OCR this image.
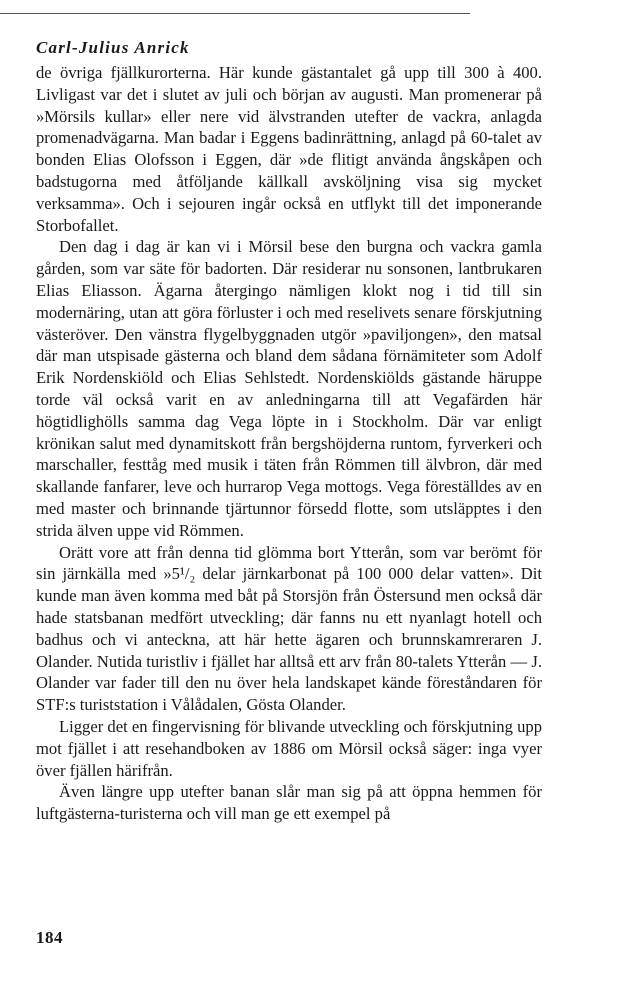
Carl-Julius Anrick

de övriga fjällkurorterna. Här kunde gästantalet gå upp till 300 à 400. Livligast var det i slutet av juli och början av augusti. Man promenerar på »Mörsils kullar» eller nere vid älvstranden utefter de vackra, anlagda promenadvägarna. Man badar i Eggens badinrättning, anlagd på 60-talet av bonden Elias Olofsson i Eggen, där »de flitigt använda ångskåpen och badstugorna med åtföljande källkall avsköljning visa sig mycket verksamma». Och i sejouren ingår också en utflykt till det imponerande Storbofallet.

Den dag i dag är kan vi i Mörsil bese den burgna och vackra gamla gården, som var säte för badorten. Där residerar nu sonsonen, lantbrukaren Elias Eliasson. Ägarna återgingo nämligen klokt nog i tid till sin modernäring, utan att göra förluster i och med reselivets senare förskjutning västeröver. Den vänstra flygelbyggnaden utgör »paviljongen», den matsal där man utspisade gästerna och bland dem sådana förnämiteter som Adolf Erik Nordenskiöld och Elias Sehlstedt. Nordenskiölds gästande häruppe torde väl också varit en av anledningarna till att Vegafärden här högtidlighölls samma dag Vega löpte in i Stockholm. Där var enligt krönikan salut med dynamitskott från bergshöjderna runtom, fyrverkeri och marschaller, festtåg med musik i täten från Römmen till älvbron, där med skallande fanfarer, leve och hurrarop Vega mottogs. Vega föreställdes av en med master och brinnande tjärtunnor försedd flotte, som utsläpptes i den strida älven uppe vid Römmen.

Orätt vore att från denna tid glömma bort Ytterån, som var berömt för sin järnkälla med »5¹/₂ delar järnkarbonat på 100 000 delar vatten». Dit kunde man även komma med båt på Storsjön från Östersund men också där hade statsbanan medfört utveckling; där fanns nu ett nyanlagt hotell och badhus och vi anteckna, att här hette ägaren och brunnskamreraren J. Olander. Nutida turistliv i fjället har alltså ett arv från 80-talets Ytterån — J. Olander var fader till den nu över hela landskapet kände föreståndaren för STF:s turiststation i Vålådalen, Gösta Olander.

Ligger det en fingervisning för blivande utveckling och förskjutning upp mot fjället i att resehandboken av 1886 om Mörsil också säger: inga vyer över fjällen härifrån.

Även längre upp utefter banan slår man sig på att öppna hemmen för luftgästerna-turisterna och vill man ge ett exempel på

184
